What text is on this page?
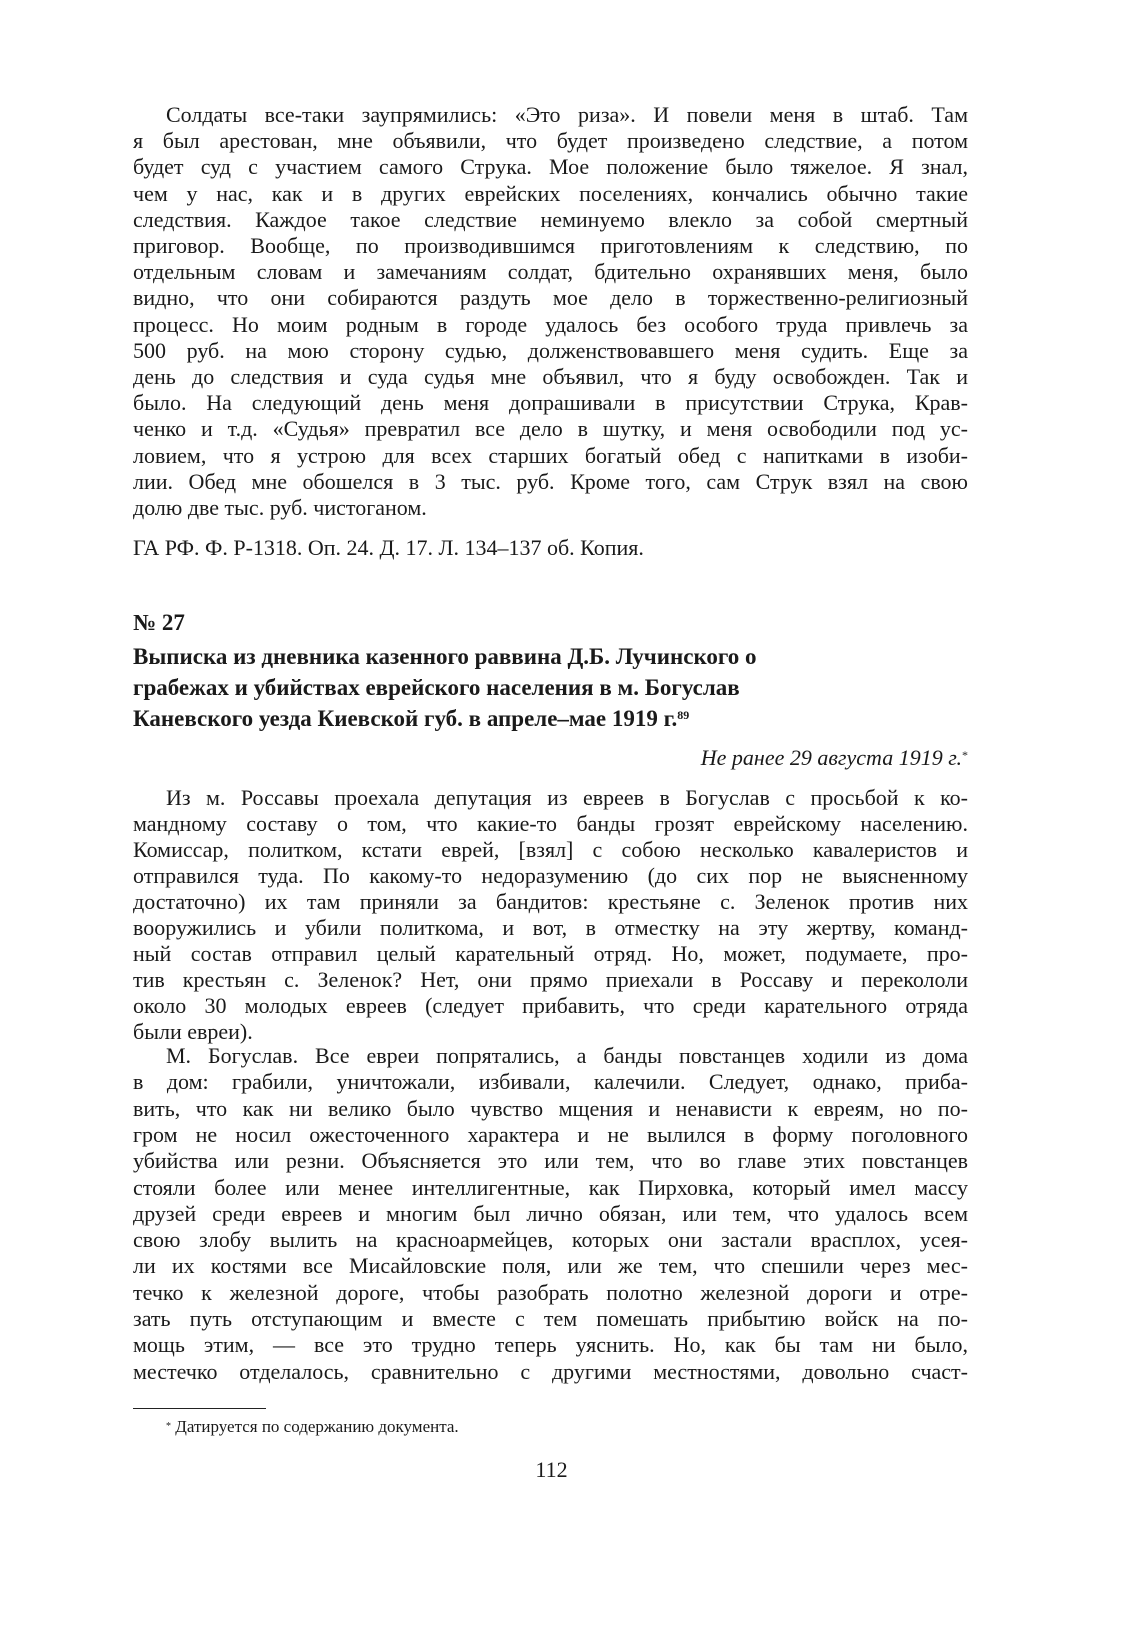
Солдаты все-таки заупрямились: «Это риза». И повели меня в штаб. Там
я был арестован, мне объявили, что будет произведено следствие, а потом
будет суд с участием самого Струка. Мое положение было тяжелое. Я знал,
чем у нас, как и в других еврейских поселениях, кончались обычно такие
следствия. Каждое такое следствие неминуемо влекло за собой смертный
приговор. Вообще, по производившимся приготовлениям к следствию, по
отдельным словам и замечаниям солдат, бдительно охранявших меня, было
видно, что они собираются раздуть мое дело в торжественно-религиозный
процесс. Но моим родным в городе удалось без особого труда привлечь за
500 руб. на мою сторону судью, долженствовавшего меня судить. Еще за
день до следствия и суда судья мне объявил, что я буду освобожден. Так и
было. На следующий день меня допрашивали в присутствии Струка, Крав-
ченко и т.д. «Судья» превратил все дело в шутку, и меня освободили под ус-
ловием, что я устрою для всех старших богатый обед с напитками в изоби-
лии. Обед мне обошелся в 3 тыс. руб. Кроме того, сам Струк взял на свою
долю две тыс. руб. чистоганом.
ГА РФ. Ф. Р-1318. Оп. 24. Д. 17. Л. 134–137 об. Копия.
№ 27
Выписка из дневника казенного раввина Д.Б. Лучинского о
грабежах и убийствах еврейского населения в м. Богуслав
Каневского уезда Киевской губ. в апреле–мае 1919 г.$^{89}$
Не ранее 29 августа 1919 г.*
Из м. Россавы проехала депутация из евреев в Богуслав с просьбой к ко-
мандному составу о том, что какие-то банды грозят еврейскому населению.
Комиссар, политком, кстати еврей, [взял] с собою несколько кавалеристов и
отправился туда. По какому-то недоразумению (до сих пор не выясненному
достаточно) их там приняли за бандитов: крестьяне с. Зеленок против них
вооружились и убили политкома, и вот, в отместку на эту жертву, команд-
ный состав отправил целый карательный отряд. Но, может, подумаете, про-
тив крестьян с. Зеленок? Нет, они прямо приехали в Россаву и перекололи
около 30 молодых евреев (следует прибавить, что среди карательного отряда
были евреи).
М. Богуслав. Все евреи попрятались, а банды повстанцев ходили из дома
в дом: грабили, уничтожали, избивали, калечили. Следует, однако, приба-
вить, что как ни велико было чувство мщения и ненависти к евреям, но по-
гром не носил ожесточенного характера и не вылился в форму поголовного
убийства или резни. Объясняется это или тем, что во главе этих повстанцев
стояли более или менее интеллигентные, как Пирховка, который имел массу
друзей среди евреев и многим был лично обязан, или тем, что удалось всем
свою злобу вылить на красноармейцев, которых они застали врасплох, усея-
ли их костями все Мисайловские поля, или же тем, что спешили через мес-
течко к железной дороге, чтобы разобрать полотно железной дороги и отре-
зать путь отступающим и вместе с тем помешать прибытию войск на по-
мощь этим, — все это трудно теперь уяснить. Но, как бы там ни было,
местечко отделалось, сравнительно с другими местностями, довольно счаст-
* Датируется по содержанию документа.
112
